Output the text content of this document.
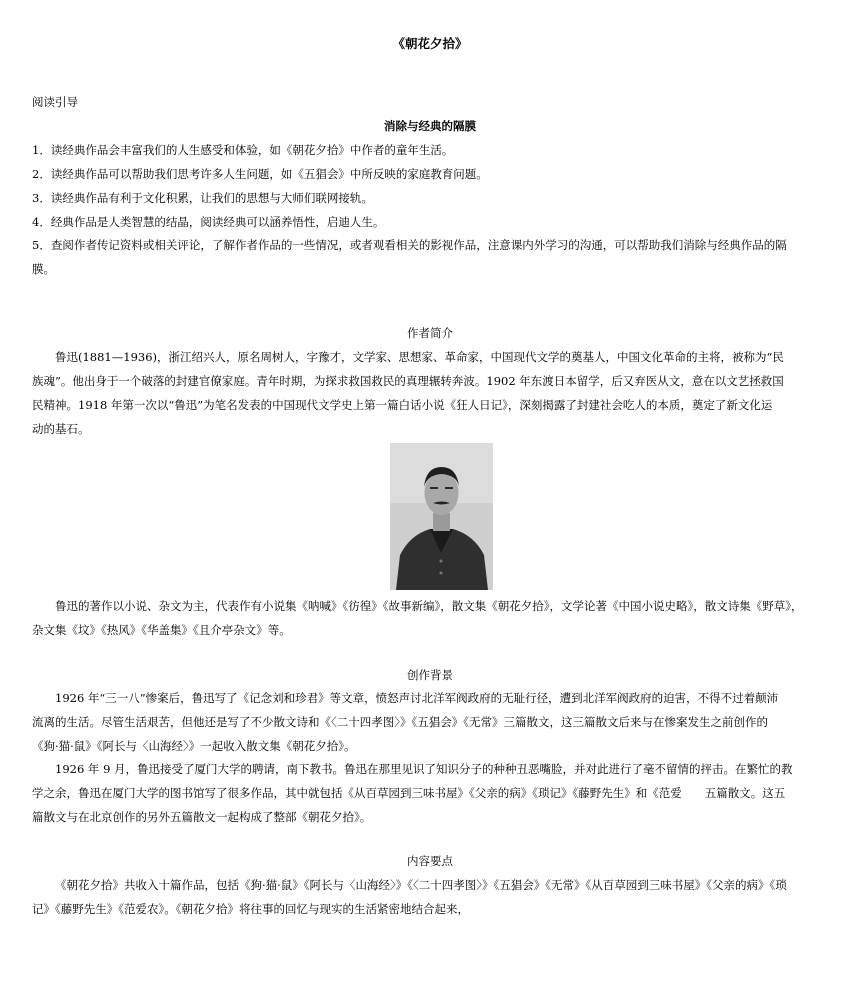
《朝花夕拾》
阅读引导
消除与经典的隔膜
1．读经典作品会丰富我们的人生感受和体验，如《朝花夕拾》中作者的童年生活。
2．读经典作品可以帮助我们思考许多人生问题，如《五猖会》中所反映的家庭教育问题。
3．读经典作品有利于文化积累，让我们的思想与大师们联网接轨。
4．经典作品是人类智慧的结晶，阅读经典可以涵养悟性，启迪人生。
5．查阅作者传记资料或相关评论，了解作者作品的一些情况，或者观看相关的影视作品，注意课内外学习的沟通，可以帮助我们消除与经典作品的隔
膜。
作者简介
鲁迅(1881—1936)，浙江绍兴人，原名周树人，字豫才，文学家、思想家、革命家，中国现代文学的奠基人，中国文化革命的主将，被称为“民
族魂”。他出身于一个破落的封建官僚家庭。青年时期，为探求救国救民的真理辗转奔波。1902 年东渡日本留学，后又弃医从文，意在以文艺拯救国
民精神。1918 年第一次以“鲁迅”为笔名发表的中国现代文学史上第一篇白话小说《狂人日记》，深刻揭露了封建社会吃人的本质，奠定了新文化运
动的基石。
鲁迅的著作以小说、杂文为主，代表作有小说集《呐喊》《彷徨》《故事新编》，散文集《朝花夕拾》，文学论著《中国小说史略》，散文诗集《野草》，
杂文集《坟》《热风》《华盖集》《且介亭杂文》等。
创作背景
1926 年“三一八”惨案后，鲁迅写了《记念刘和珍君》等文章，愤怒声讨北洋军阀政府的无耻行径，遭到北洋军阀政府的迫害，不得不过着颠沛
流离的生活。尽管生活艰苦，但他还是写了不少散文诗和《〈二十四孝图〉》《五猖会》《无常》三篇散文，这三篇散文后来与在惨案发生之前创作的
《狗·猫·鼠》《阿长与〈山海经〉》一起收入散文集《朝花夕拾》。
1926 年 9 月，鲁迅接受了厦门大学的聘请，南下教书。鲁迅在那里见识了知识分子的种种丑恶嘴脸，并对此进行了毫不留情的抨击。在繁忙的教
学之余，鲁迅在厦门大学的图书馆写了很多作品，其中就包括《从百草园到三味书屋》《父亲的病》《琐记》《藤野先生》和《范爱　　五篇散文。这五
篇散文与在北京创作的另外五篇散文一起构成了整部《朝花夕拾》。
内容要点
《朝花夕拾》共收入十篇作品，包括《狗·猫·鼠》《阿长与〈山海经〉》《〈二十四孝图〉》《五猖会》《无常》《从百草园到三味书屋》《父亲的病》《琐
记》《藤野先生》《范爱农》。《朝花夕拾》将往事的回忆与现实的生活紧密地结合起来，
